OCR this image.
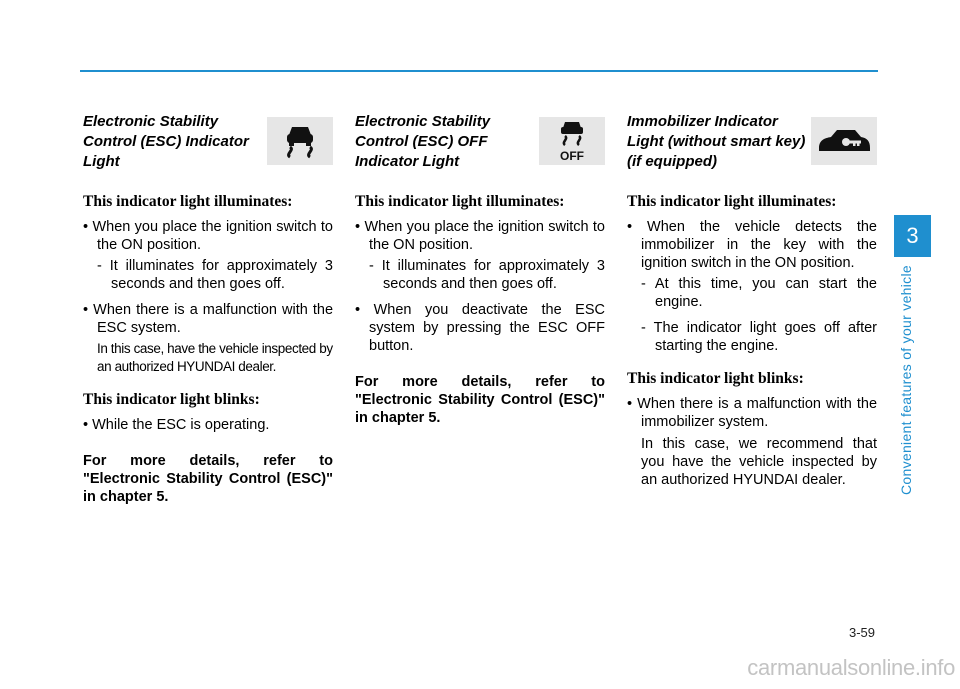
Electronic Stability Control (ESC) Indicator Light

This indicator light illuminates:

• When you place the ignition switch to the ON position.

- It illuminates for approximately 3 seconds and then goes off.

• When there is a malfunction with the ESC system.

In this case, have the vehicle inspected by an authorized HYUNDAI dealer.

This indicator light blinks:

• While the ESC is operating.

For more details, refer to "Electronic Stability Control (ESC)" in chapter 5.

Electronic Stability Control (ESC) OFF Indicator Light	OFF

This indicator light illuminates:

• When you place the ignition switch to the ON position.

- It illuminates for approximately 3 seconds and then goes off.

• When you deactivate the ESC system by pressing the ESC OFF button.

For more details, refer to "Electronic Stability Control (ESC)" in chapter 5.

Immobilizer Indicator Light (without smart key) (if equipped)

This indicator light illuminates:

• When the vehicle detects the immobilizer in the key with the ignition switch in the ON position.

- At this time, you can start the engine.

- The indicator light goes off after starting the engine.

This indicator light blinks:

• When there is a malfunction with the immobilizer system.

In this case, we recommend that you have the vehicle inspected by an authorized HYUNDAI dealer.

3
Convenient features of your vehicle
3-59
carmanualsonline.info
